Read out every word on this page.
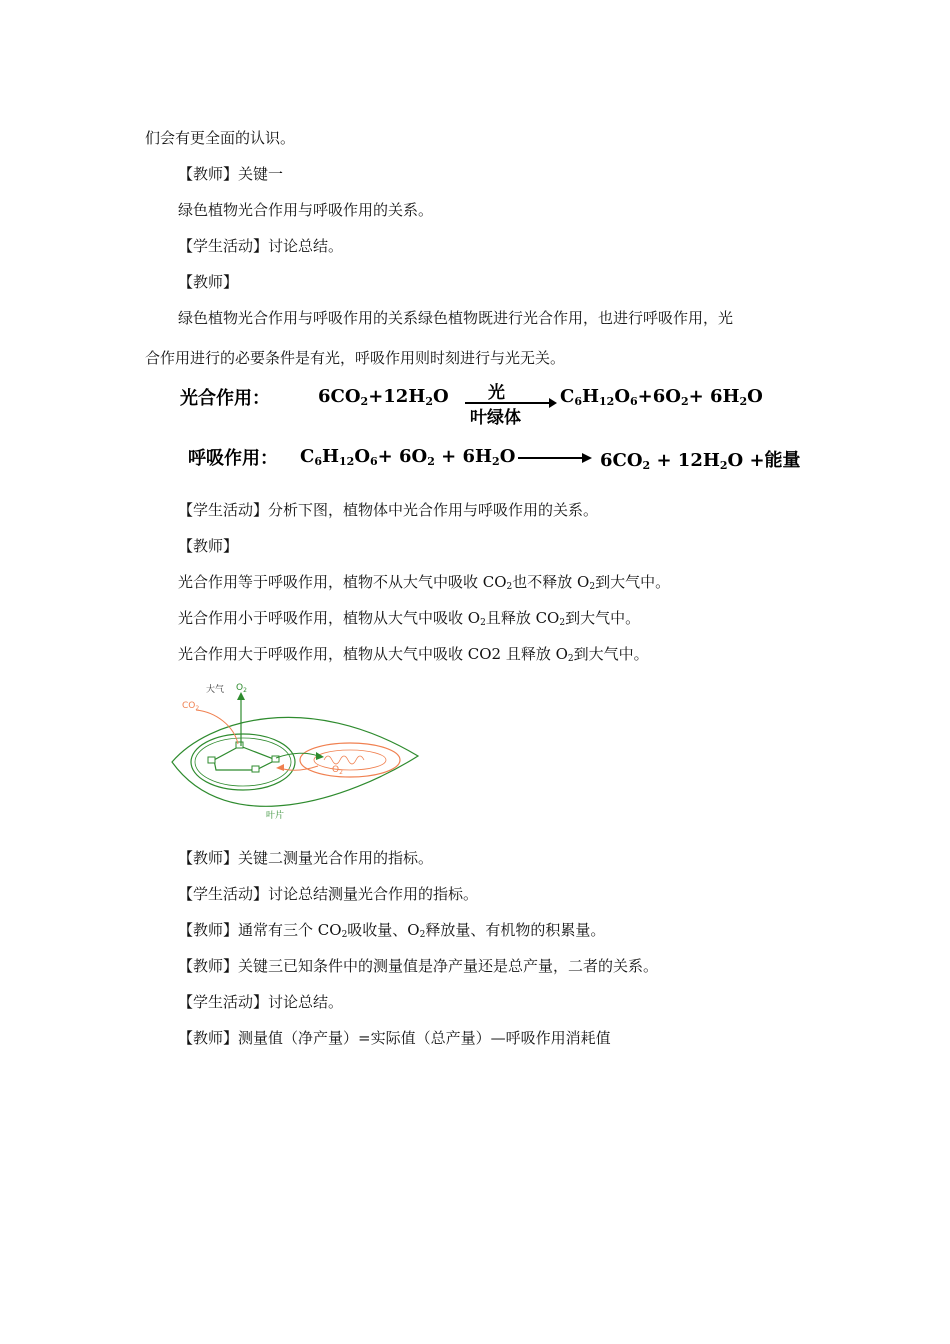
们会有更全面的认识。
【教师】关键一
绿色植物光合作用与呼吸作用的关系。
【学生活动】讨论总结。
【教师】
绿色植物光合作用与呼吸作用的关系绿色植物既进行光合作用，也进行呼吸作用，光
合作用进行的必要条件是有光，呼吸作用则时刻进行与光无关。
光合作用：	$6CO_2+12H_2O$ 光
叶绿体
$C_6H_{12}O_6+6O_2+ 6H_2O$
呼吸作用： $C_6H_{12}O_6+ 6O_2 + 6H_2O$	$6CO_2 + 12H_2O$ +能量
【学生活动】分析下图，植物体中光合作用与呼吸作用的关系。
【教师】
光合作用等于呼吸作用，植物不从大气中吸收 $CO_2$也不释放 $O_2$到大气中。
光合作用小于呼吸作用，植物从大气中吸收 $O_2$且释放 $CO_2$到大气中。
光合作用大于呼吸作用，植物从大气中吸收 CO2 且释放 $O_2$到大气中。
大气 $O_2$
$CO_2$
$O_2$
叶片
【教师】关键二测量光合作用的指标。
【学生活动】讨论总结测量光合作用的指标。
【教师】通常有三个 $CO_2$吸收量、$O_2$释放量、有机物的积累量。
【教师】关键三已知条件中的测量值是净产量还是总产量，二者的关系。
【学生活动】讨论总结。
【教师】测量值（净产量）=实际值（总产量）—呼吸作用消耗值
